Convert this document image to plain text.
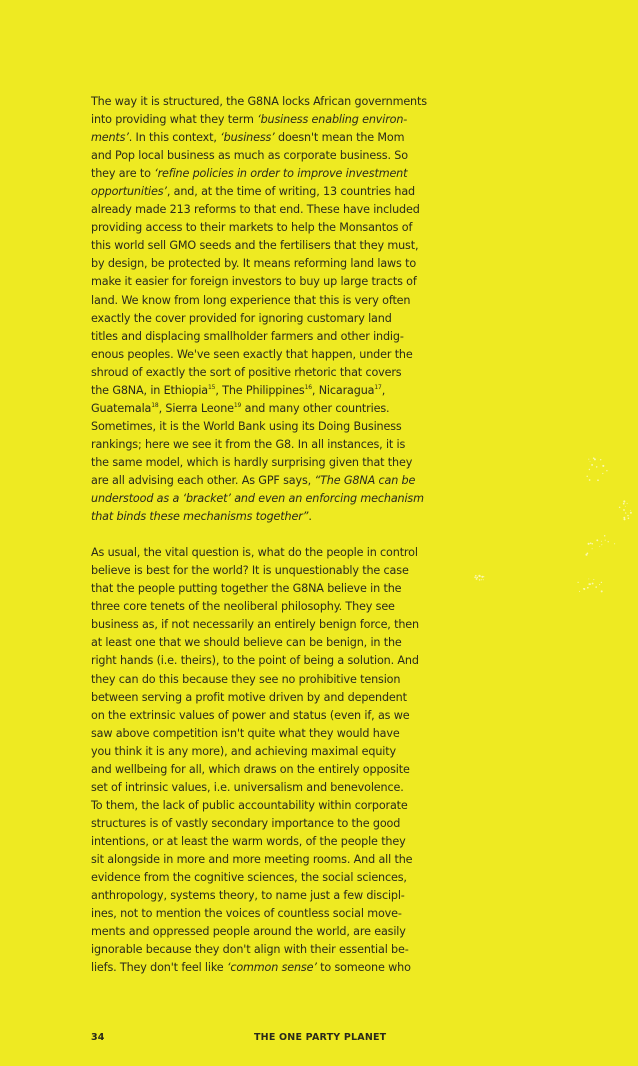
The way it is structured, the G8NA locks African governments
into providing what they term ‘business enabling environ-
ments’. In this context, ‘business’ doesn't mean the Mom
and Pop local business as much as corporate business. So
they are to ‘refine policies in order to improve investment
opportunities’, and, at the time of writing, 13 countries had
already made 213 reforms to that end. These have included
providing access to their markets to help the Monsantos of
this world sell GMO seeds and the fertilisers that they must,
by design, be protected by. It means reforming land laws to
make it easier for foreign investors to buy up large tracts of
land. We know from long experience that this is very often
exactly the cover provided for ignoring customary land
titles and displacing smallholder farmers and other indig-
enous peoples. We've seen exactly that happen, under the
shroud of exactly the sort of positive rhetoric that covers
the G8NA, in Ethiopia$^{15}$, The Philippines$^{16}$, Nicaragua$^{17}$,
Guatemala$^{18}$, Sierra Leone$^{19}$ and many other countries.
Sometimes, it is the World Bank using its Doing Business
rankings; here we see it from the G8. In all instances, it is
the same model, which is hardly surprising given that they
are all advising each other. As GPF says, “The G8NA can be
understood as a ‘bracket’ and even an enforcing mechanism
that binds these mechanisms together”.
As usual, the vital question is, what do the people in control
believe is best for the world? It is unquestionably the case
that the people putting together the G8NA believe in the
three core tenets of the neoliberal philosophy. They see
business as, if not necessarily an entirely benign force, then
at least one that we should believe can be benign, in the
right hands (i.e. theirs), to the point of being a solution. And
they can do this because they see no prohibitive tension
between serving a profit motive driven by and dependent
on the extrinsic values of power and status (even if, as we
saw above competition isn't quite what they would have
you think it is any more), and achieving maximal equity
and wellbeing for all, which draws on the entirely opposite
set of intrinsic values, i.e. universalism and benevolence.
To them, the lack of public accountability within corporate
structures is of vastly secondary importance to the good
intentions, or at least the warm words, of the people they
sit alongside in more and more meeting rooms. And all the
evidence from the cognitive sciences, the social sciences,
anthropology, systems theory, to name just a few discipl-
ines, not to mention the voices of countless social move-
ments and oppressed people around the world, are easily
ignorable because they don't align with their essential be-
liefs. They don't feel like ‘common sense’ to someone who
34	THE ONE PARTY PLANET
